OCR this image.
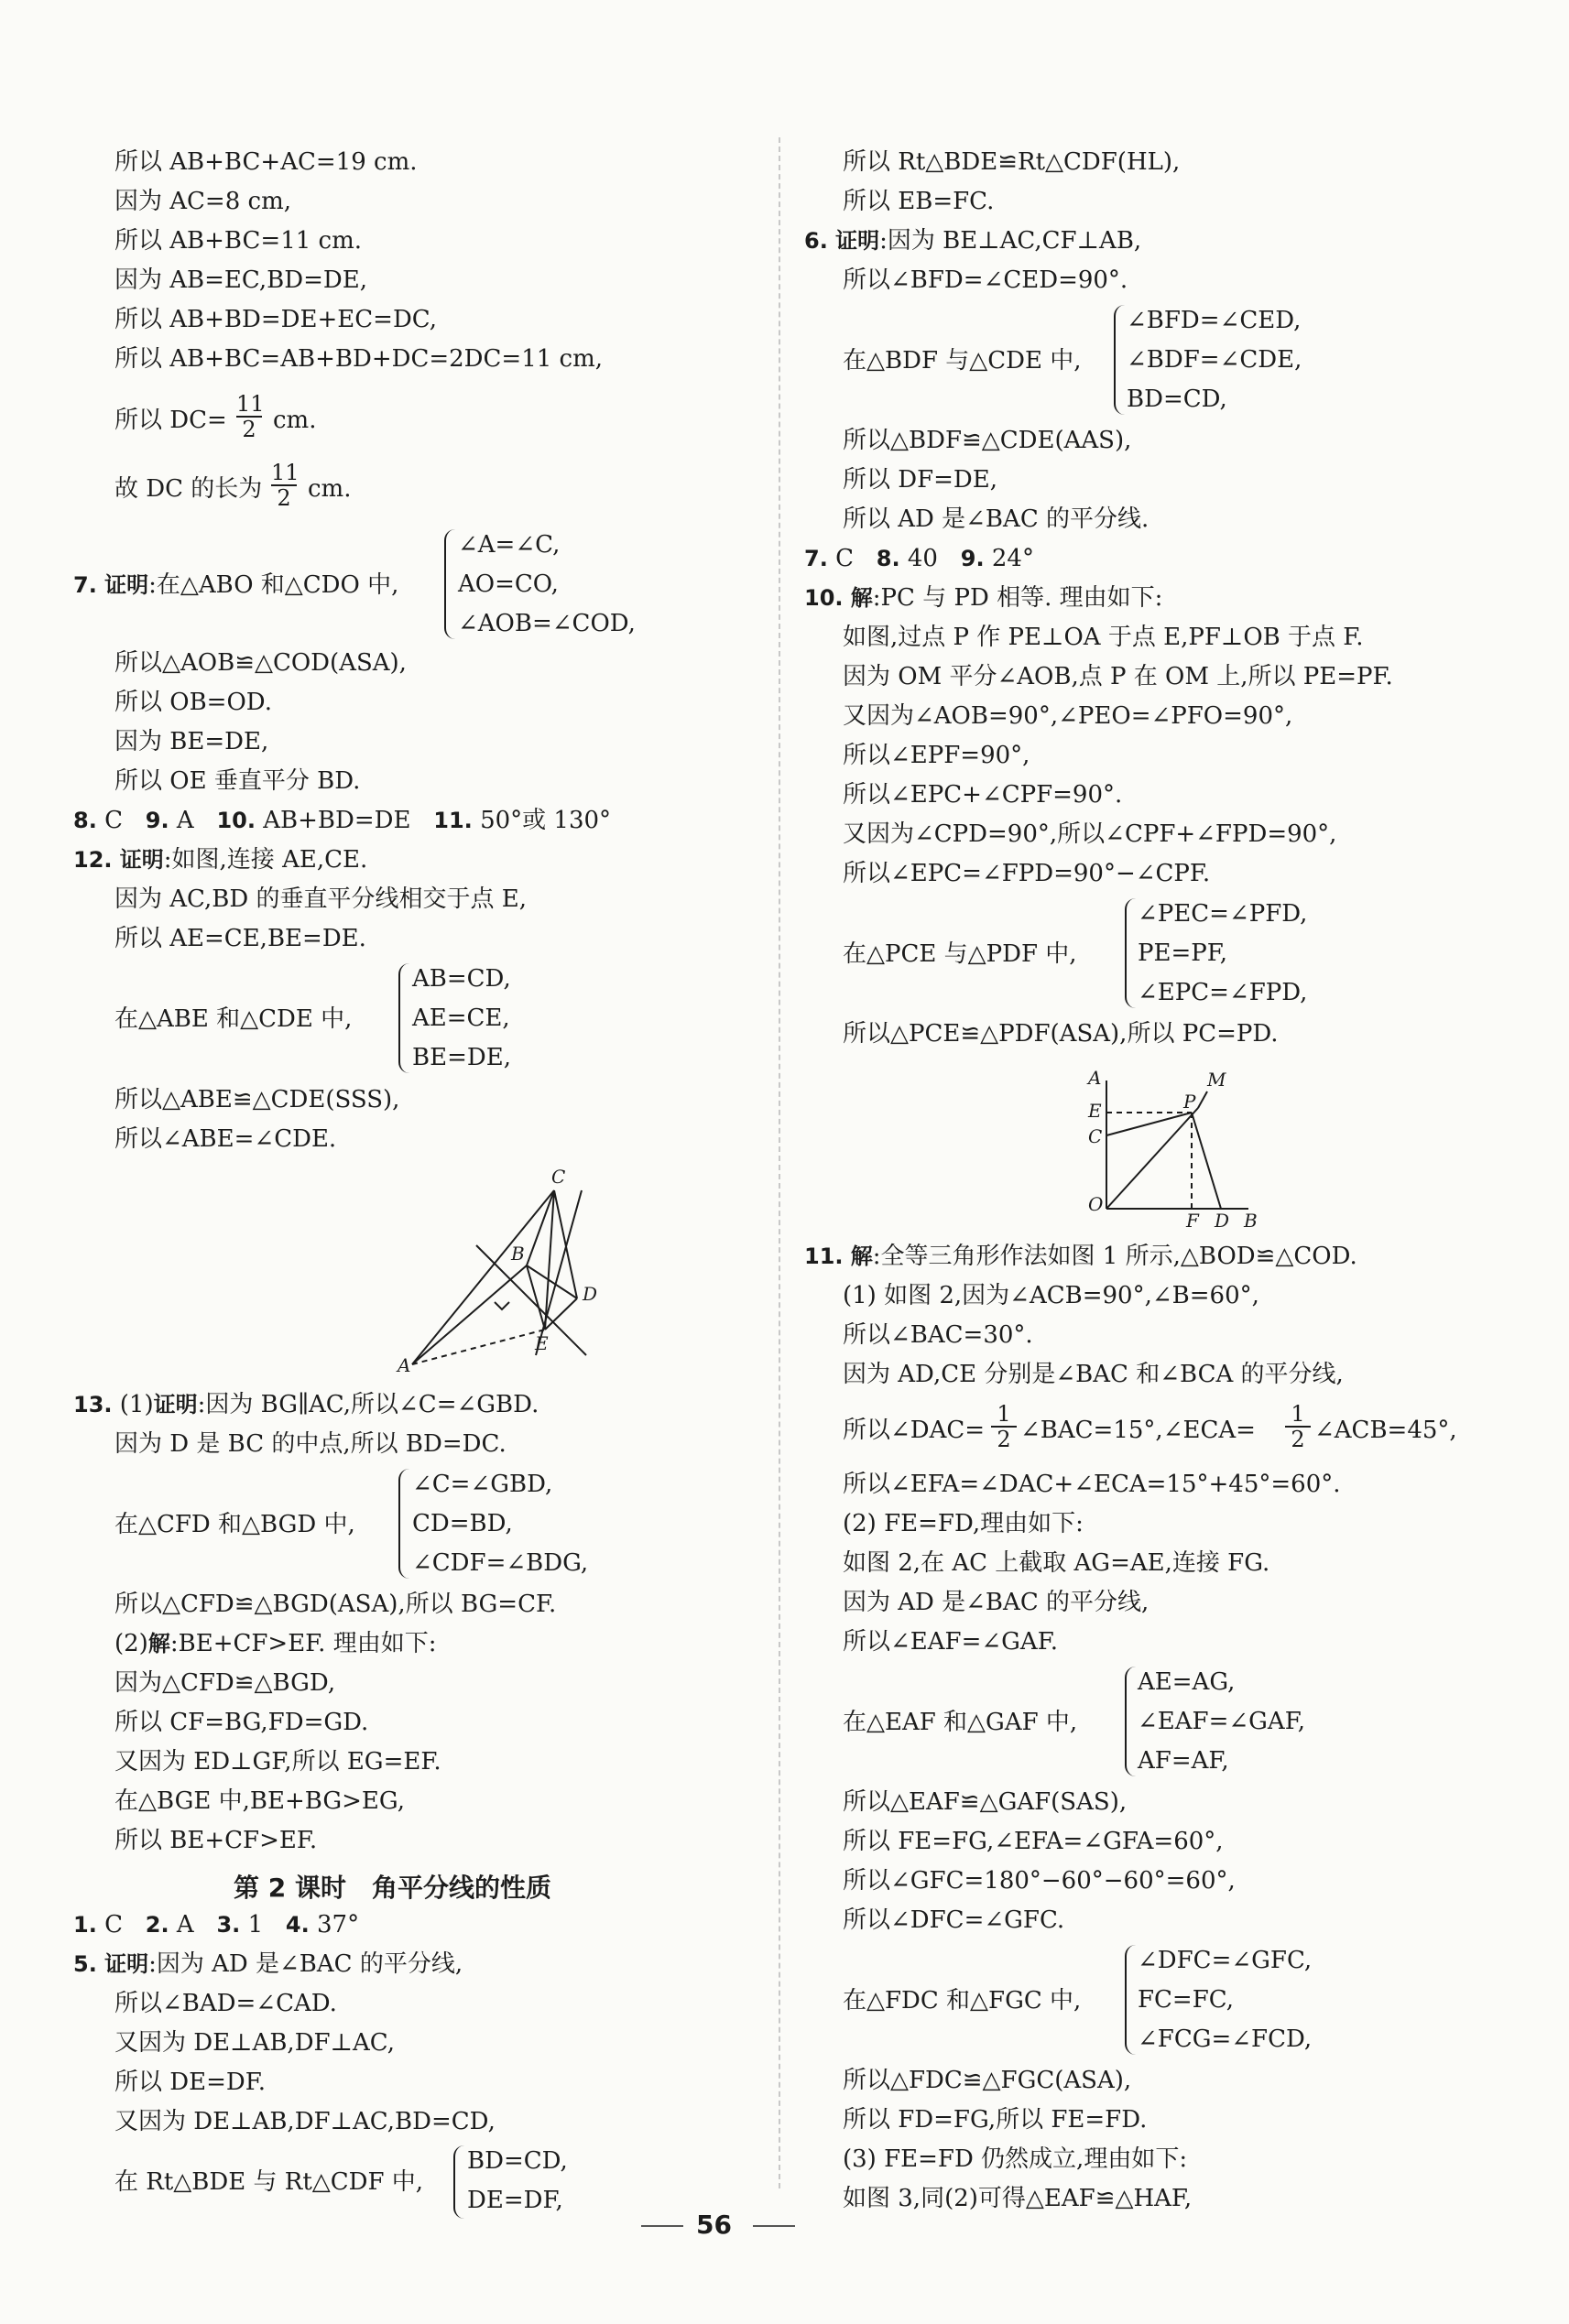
所以 AB+BC+AC=19 cm.
因为 AC=8 cm,
所以 AB+BC=11 cm.
因为 AB=EC,BD=DE,
所以 AB+BD=DE+EC=DC,
所以 AB+BC=AB+BD+DC=2DC=11 cm,
所以 $DC= \frac{11}{2}$ cm.
故 DC 的长为 $\frac{11}{2}$ cm.
7. 证明:在△ABO 和△CDO 中,
∠A=∠C,
AO=CO,
∠AOB=∠COD,
所以△AOB≌△COD(ASA),
所以 OB=OD.
因为 BE=DE,
所以 OE 垂直平分 BD.
8. C 9. A 10. AB+BD=DE 11. 50°或 130°
12. 证明:如图,连接 AE,CE.
因为 AC,BD 的垂直平分线相交于点 E,
所以 AE=CE,BE=DE.
在△ABE 和△CDE 中,
AB=CD,
AE=CE,
BE=DE,
所以△ABE≌△CDE(SSS),
所以∠ABE=∠CDE.
C
B
D
E
A
13. (1)证明:因为 BG∥AC,所以∠C=∠GBD.
因为 D 是 BC 的中点,所以 BD=DC.
在△CFD 和△BGD 中,
∠C=∠GBD,
CD=BD,
∠CDF=∠BDG,
所以△CFD≌△BGD(ASA),所以 BG=CF.
(2)解:BE+CF>EF. 理由如下:
因为△CFD≌△BGD,
所以 CF=BG,FD=GD.
又因为 ED⊥GF,所以 EG=EF.
在△BGE 中,BE+BG>EG,
所以 BE+CF>EF.
第 2 课时　角平分线的性质
1. C 2. A 3. 1 4. 37°
5. 证明:因为 AD 是∠BAC 的平分线,
所以∠BAD=∠CAD.
又因为 DE⊥AB,DF⊥AC,
所以 DE=DF.
又因为 DE⊥AB,DF⊥AC,BD=CD,
在 Rt△BDE 与 Rt△CDF 中,
BD=CD,
DE=DF,
所以 Rt△BDE≌Rt△CDF(HL),
所以 EB=FC.
6. 证明:因为 BE⊥AC,CF⊥AB,
所以∠BFD=∠CED=90°.
在△BDF 与△CDE 中,
∠BFD=∠CED,
∠BDF=∠CDE,
BD=CD,
所以△BDF≌△CDE(AAS),
所以 DF=DE,
所以 AD 是∠BAC 的平分线.
7. C 8. 40 9. 24°
10. 解:PC 与 PD 相等. 理由如下:
如图,过点 P 作 PE⊥OA 于点 E,PF⊥OB 于点 F.
因为 OM 平分∠AOB,点 P 在 OM 上,所以 PE=PF.
又因为∠AOB=90°,∠PEO=∠PFO=90°,
所以∠EPF=90°,
所以∠EPC+∠CPF=90°.
又因为∠CPD=90°,所以∠CPF+∠FPD=90°,
所以∠EPC=∠FPD=90°−∠CPF.
在△PCE 与△PDF 中,
∠PEC=∠PFD,
PE=PF,
∠EPC=∠FPD,
所以△PCE≌△PDF(ASA),所以 PC=PD.
A	M
E	P
C
O
F D B
11. 解:全等三角形作法如图 1 所示,△BOD≌△COD.
(1) 如图 2,因为∠ACB=90°,∠B=60°,
所以∠BAC=30°.
因为 AD,CE 分别是∠BAC 和∠BCA 的平分线,
所以∠DAC= $\frac{1}{2}$ ∠BAC=15°,∠ECA= $\frac{1}{2}$ ∠ACB=45°,
所以∠EFA=∠DAC+∠ECA=15°+45°=60°.
(2) FE=FD,理由如下:
如图 2,在 AC 上截取 AG=AE,连接 FG.
因为 AD 是∠BAC 的平分线,
所以∠EAF=∠GAF.
在△EAF 和△GAF 中,
AE=AG,
∠EAF=∠GAF,
AF=AF,
所以△EAF≌△GAF(SAS),
所以 FE=FG,∠EFA=∠GFA=60°,
所以∠GFC=180°−60°−60°=60°,
所以∠DFC=∠GFC.
在△FDC 和△FGC 中,
∠DFC=∠GFC,
FC=FC,
∠FCG=∠FCD,
所以△FDC≌△FGC(ASA),
所以 FD=FG,所以 FE=FD.
(3) FE=FD 仍然成立,理由如下:
如图 3,同(2)可得△EAF≌△HAF,
56
